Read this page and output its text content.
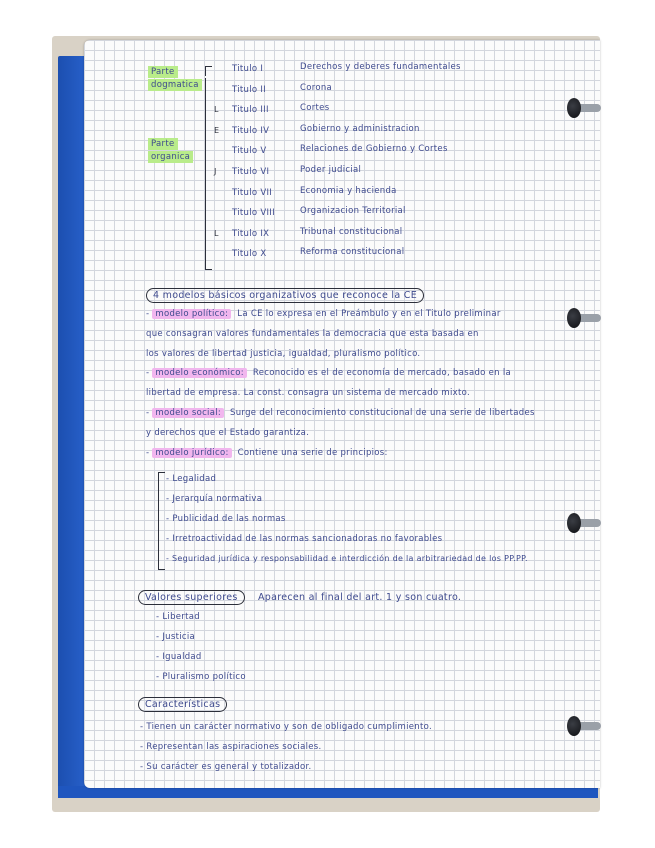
Parte
dogmatica
Parte
organica
Titulo I	Derechos y deberes fundamentales
Titulo II	Corona
Titulo III	Cortes
L
Titulo IV	Gobierno y administracion
E
Titulo V	Relaciones de Gobierno y Cortes
Titulo VI	Poder judicial
J
Titulo VII	Economia y hacienda
Titulo VIII	Organizacion Territorial
Titulo IX	Tribunal constitucional
L
Titulo X	Reforma constitucional
4 modelos básicos organizativos que reconoce la CE
- modelo político: La CE lo expresa en el Preámbulo y en el Titulo preliminar
que consagran valores fundamentales la democracia que esta basada en
los valores de libertad justicia, igualdad, pluralismo político.
- modelo económico: Reconocido es el de economía de mercado, basado en la
libertad de empresa. La const. consagra un sistema de mercado mixto.
- modelo social: Surge del reconocimiento constitucional de una serie de libertades
y derechos que el Estado garantiza.
- modelo jurídico: Contiene una serie de principios:
- Legalidad
- Jerarquía normativa
- Publicidad de las normas
- Irretroactividad de las normas sancionadoras no favorables
- Seguridad jurídica y responsabilidad e interdicción de la arbitrariedad de los PP.PP.
Valores superiores Aparecen al final del art. 1 y son cuatro.
- Libertad
- Justicia
- Igualdad
- Pluralismo político
Características
- Tienen un carácter normativo y son de obligado cumplimiento.
- Representan las aspiraciones sociales.
- Su carácter es general y totalizador.
